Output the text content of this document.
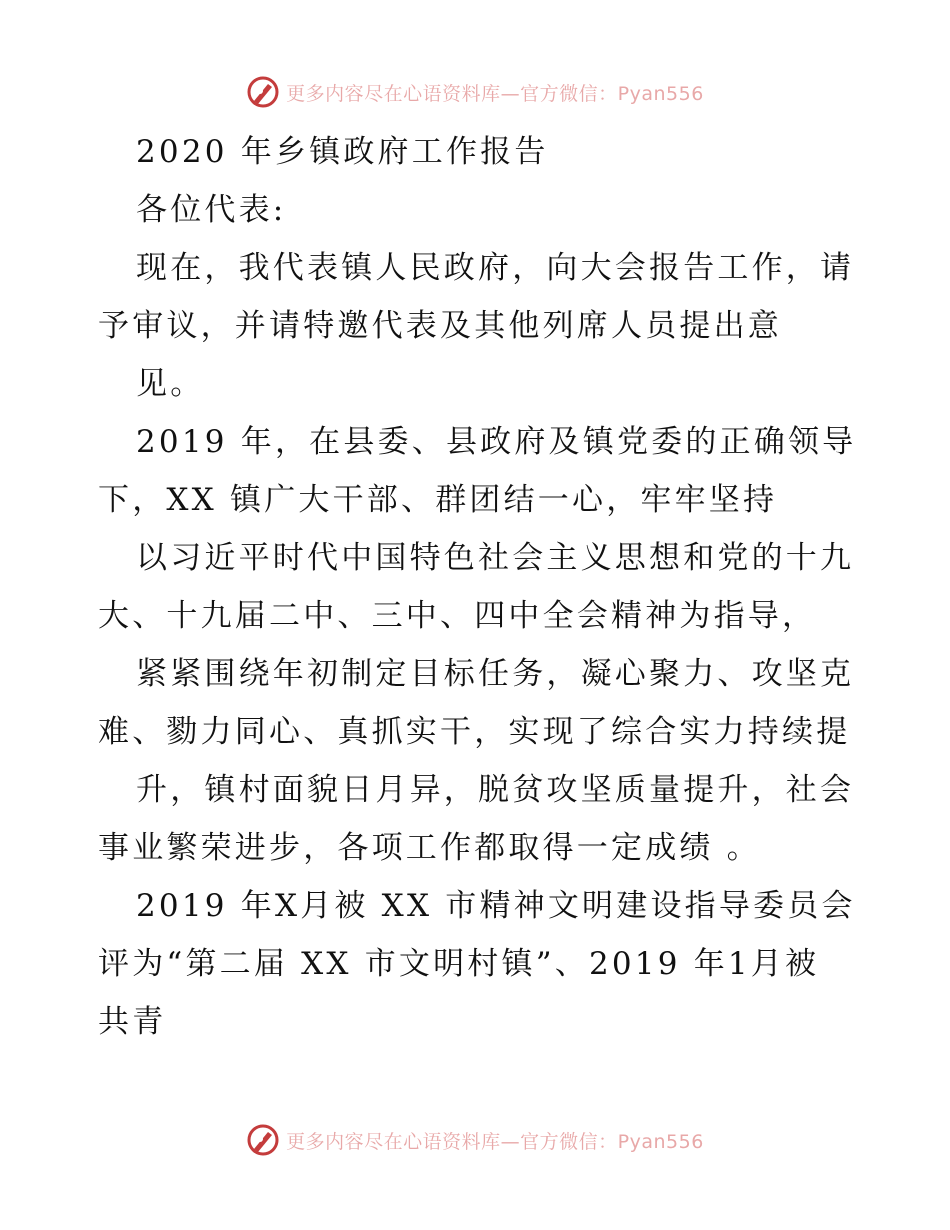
更多内容尽在心语资料库—官方微信：Pyan556
2020 年乡镇政府工作报告
各位代表:
现在，我代表镇人民政府，向大会报告工作，请
予审议，并请特邀代表及其他列席人员提出意
见。
2019 年，在县委、县政府及镇党委的正确领导
下，XX 镇广大干部、群团结一心，牢牢坚持
以习近平时代中国特色社会主义思想和党的十九
大、十九届二中、三中、四中全会精神为指导，
紧紧围绕年初制定目标任务，凝心聚力、攻坚克
难、勠力同心、真抓实干，实现了综合实力持续提
升，镇村面貌日月异，脱贫攻坚质量提升，社会
事业繁荣进步，各项工作都取得一定成绩 。
2019 年X月被 XX 市精神文明建设指导委员会
评为“第二届 XX 市文明村镇”、2019 年1月被
共青
更多内容尽在心语资料库—官方微信：Pyan556
